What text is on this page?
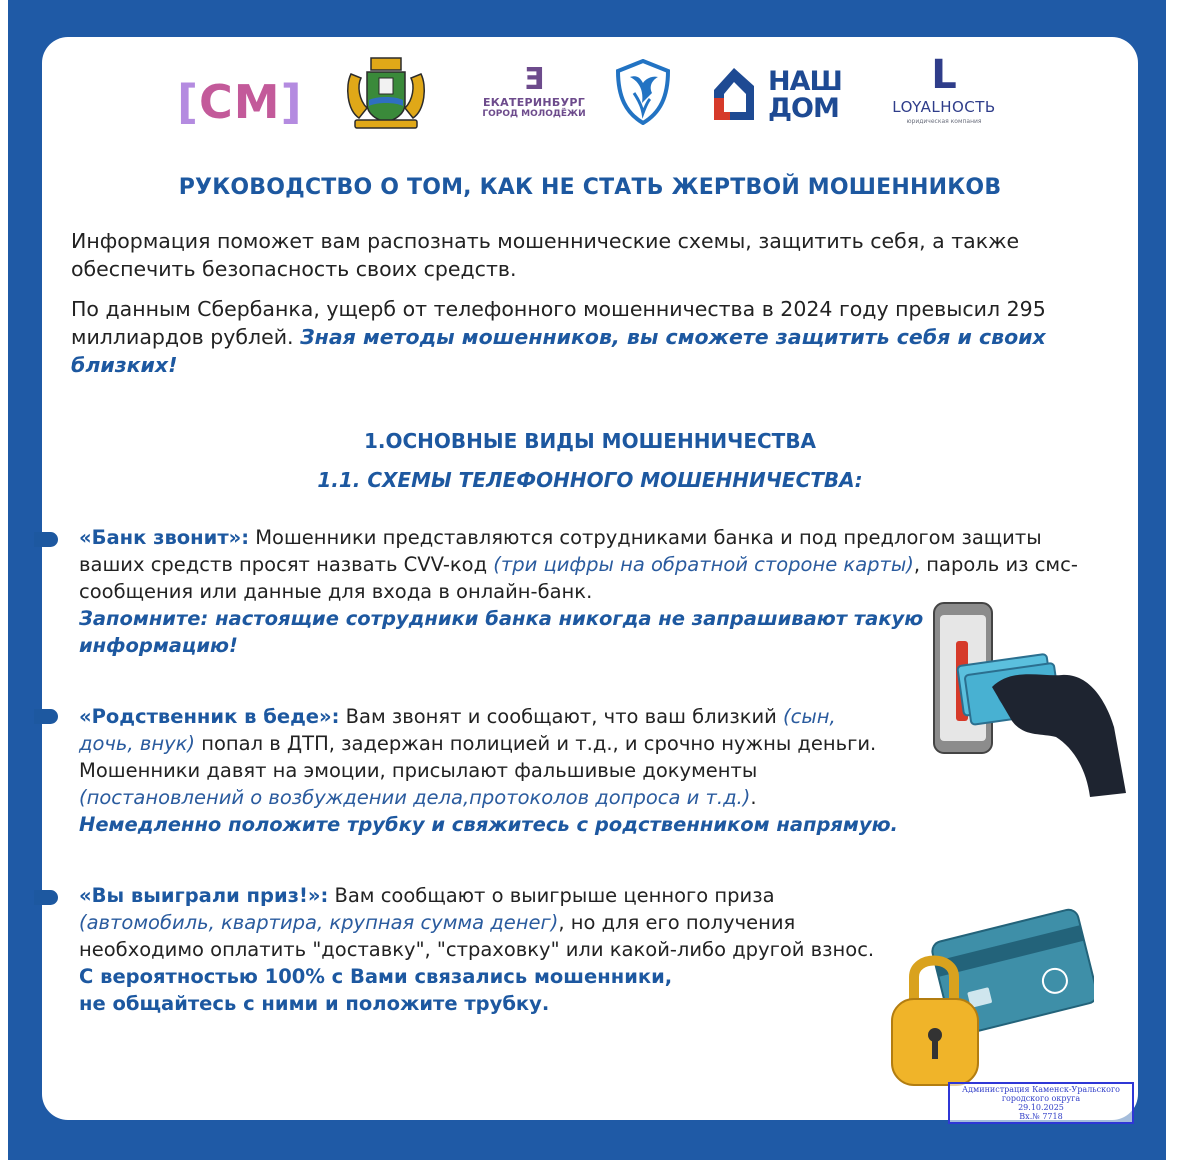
[СМ]	Ǝ
ЕКАТЕРИНБУРГ
ГОРОД МОЛОДЁЖИ
НАШ
ДОМ
L
LOYALНОСТЬ
юридическая компания
РУКОВОДСТВО О ТОМ, КАК НЕ СТАТЬ ЖЕРТВОЙ МОШЕННИКОВ
Информация поможет вам распознать мошеннические схемы, защитить себя, а также обеспечить безопасность своих средств.
По данным Сбербанка, ущерб от телефонного мошенничества в 2024 году превысил 295 миллиардов рублей. Зная методы мошенников, вы сможете защитить себя и своих близких!
1.ОСНОВНЫЕ ВИДЫ МОШЕННИЧЕСТВА
1.1. СХЕМЫ ТЕЛЕФОННОГО МОШЕННИЧЕСТВА:
«Банк звонит»: Мошенники представляются сотрудниками банка и под предлогом защиты ваших средств просят назвать CVV-код (три цифры на обратной стороне карты), пароль из смс-сообщения или данные для входа в онлайн-банк.
Запомните: настоящие сотрудники банка никогда не запрашивают такую информацию!
«Родственник в беде»: Вам звонят и сообщают, что ваш близкий (сын, дочь, внук) попал в ДТП, задержан полицией и т.д., и срочно нужны деньги. Мошенники давят на эмоции, присылают фальшивые документы (постановлений о возбуждении дела,протоколов допроса и т.д.).
Немедленно положите трубку и свяжитесь с родственником напрямую.
«Вы выиграли приз!»: Вам сообщают о выигрыше ценного приза (автомобиль, квартира, крупная сумма денег), но для его получения необходимо оплатить "доставку", "страховку" или какой-либо другой взнос.
С вероятностью 100% с Вами связались мошенники,
не общайтесь с ними и положите трубку.
Администрация Каменск-Уральского
городского округа
29.10.2025
Вх.№ 7718
